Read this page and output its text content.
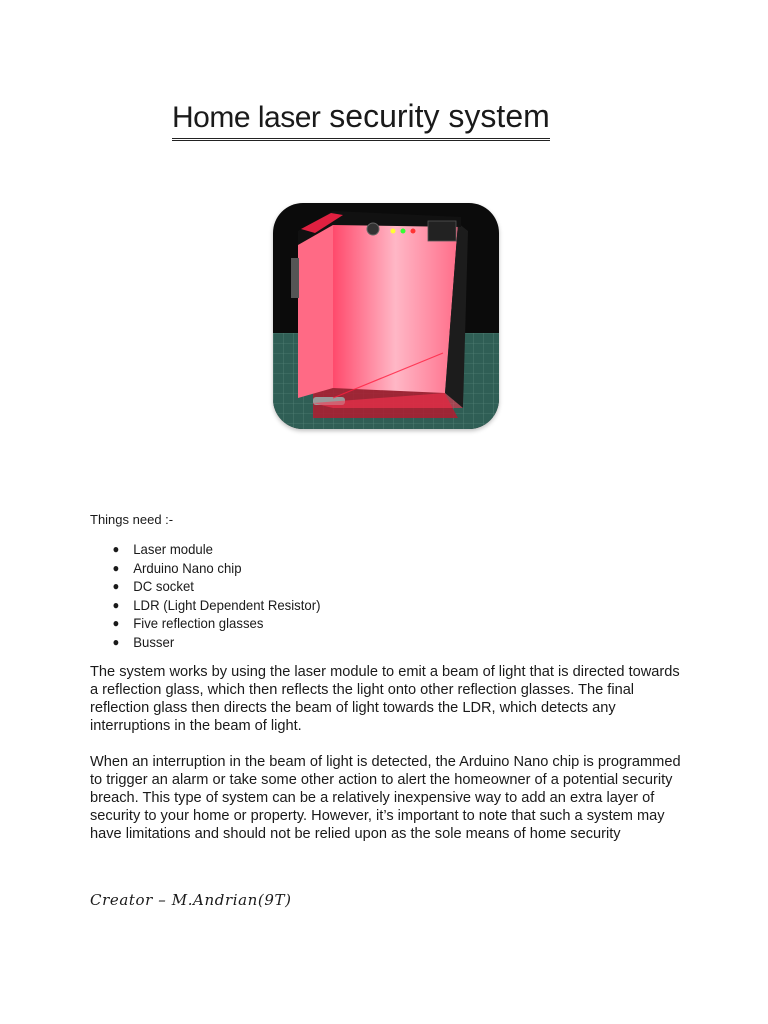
Home laser security system
Things need :-
● Laser module
● Arduino Nano chip
● DC socket
● LDR (Light Dependent Resistor)
● Five reflection glasses
● Busser

The system works by using the laser module to emit a beam of light that is directed towards a reflection glass, which then reflects the light onto other reflection glasses. The final reflection glass then directs the beam of light towards the LDR, which detects any interruptions in the beam of light.

When an interruption in the beam of light is detected, the Arduino Nano chip is programmed to trigger an alarm or take some other action to alert the homeowner of a potential security breach. This type of system can be a relatively inexpensive way to add an extra layer of security to your home or property. However, it’s important to note that such a system may have limitations and should not be relied upon as the sole means of home security

Creator – M.Andrian(9T)
